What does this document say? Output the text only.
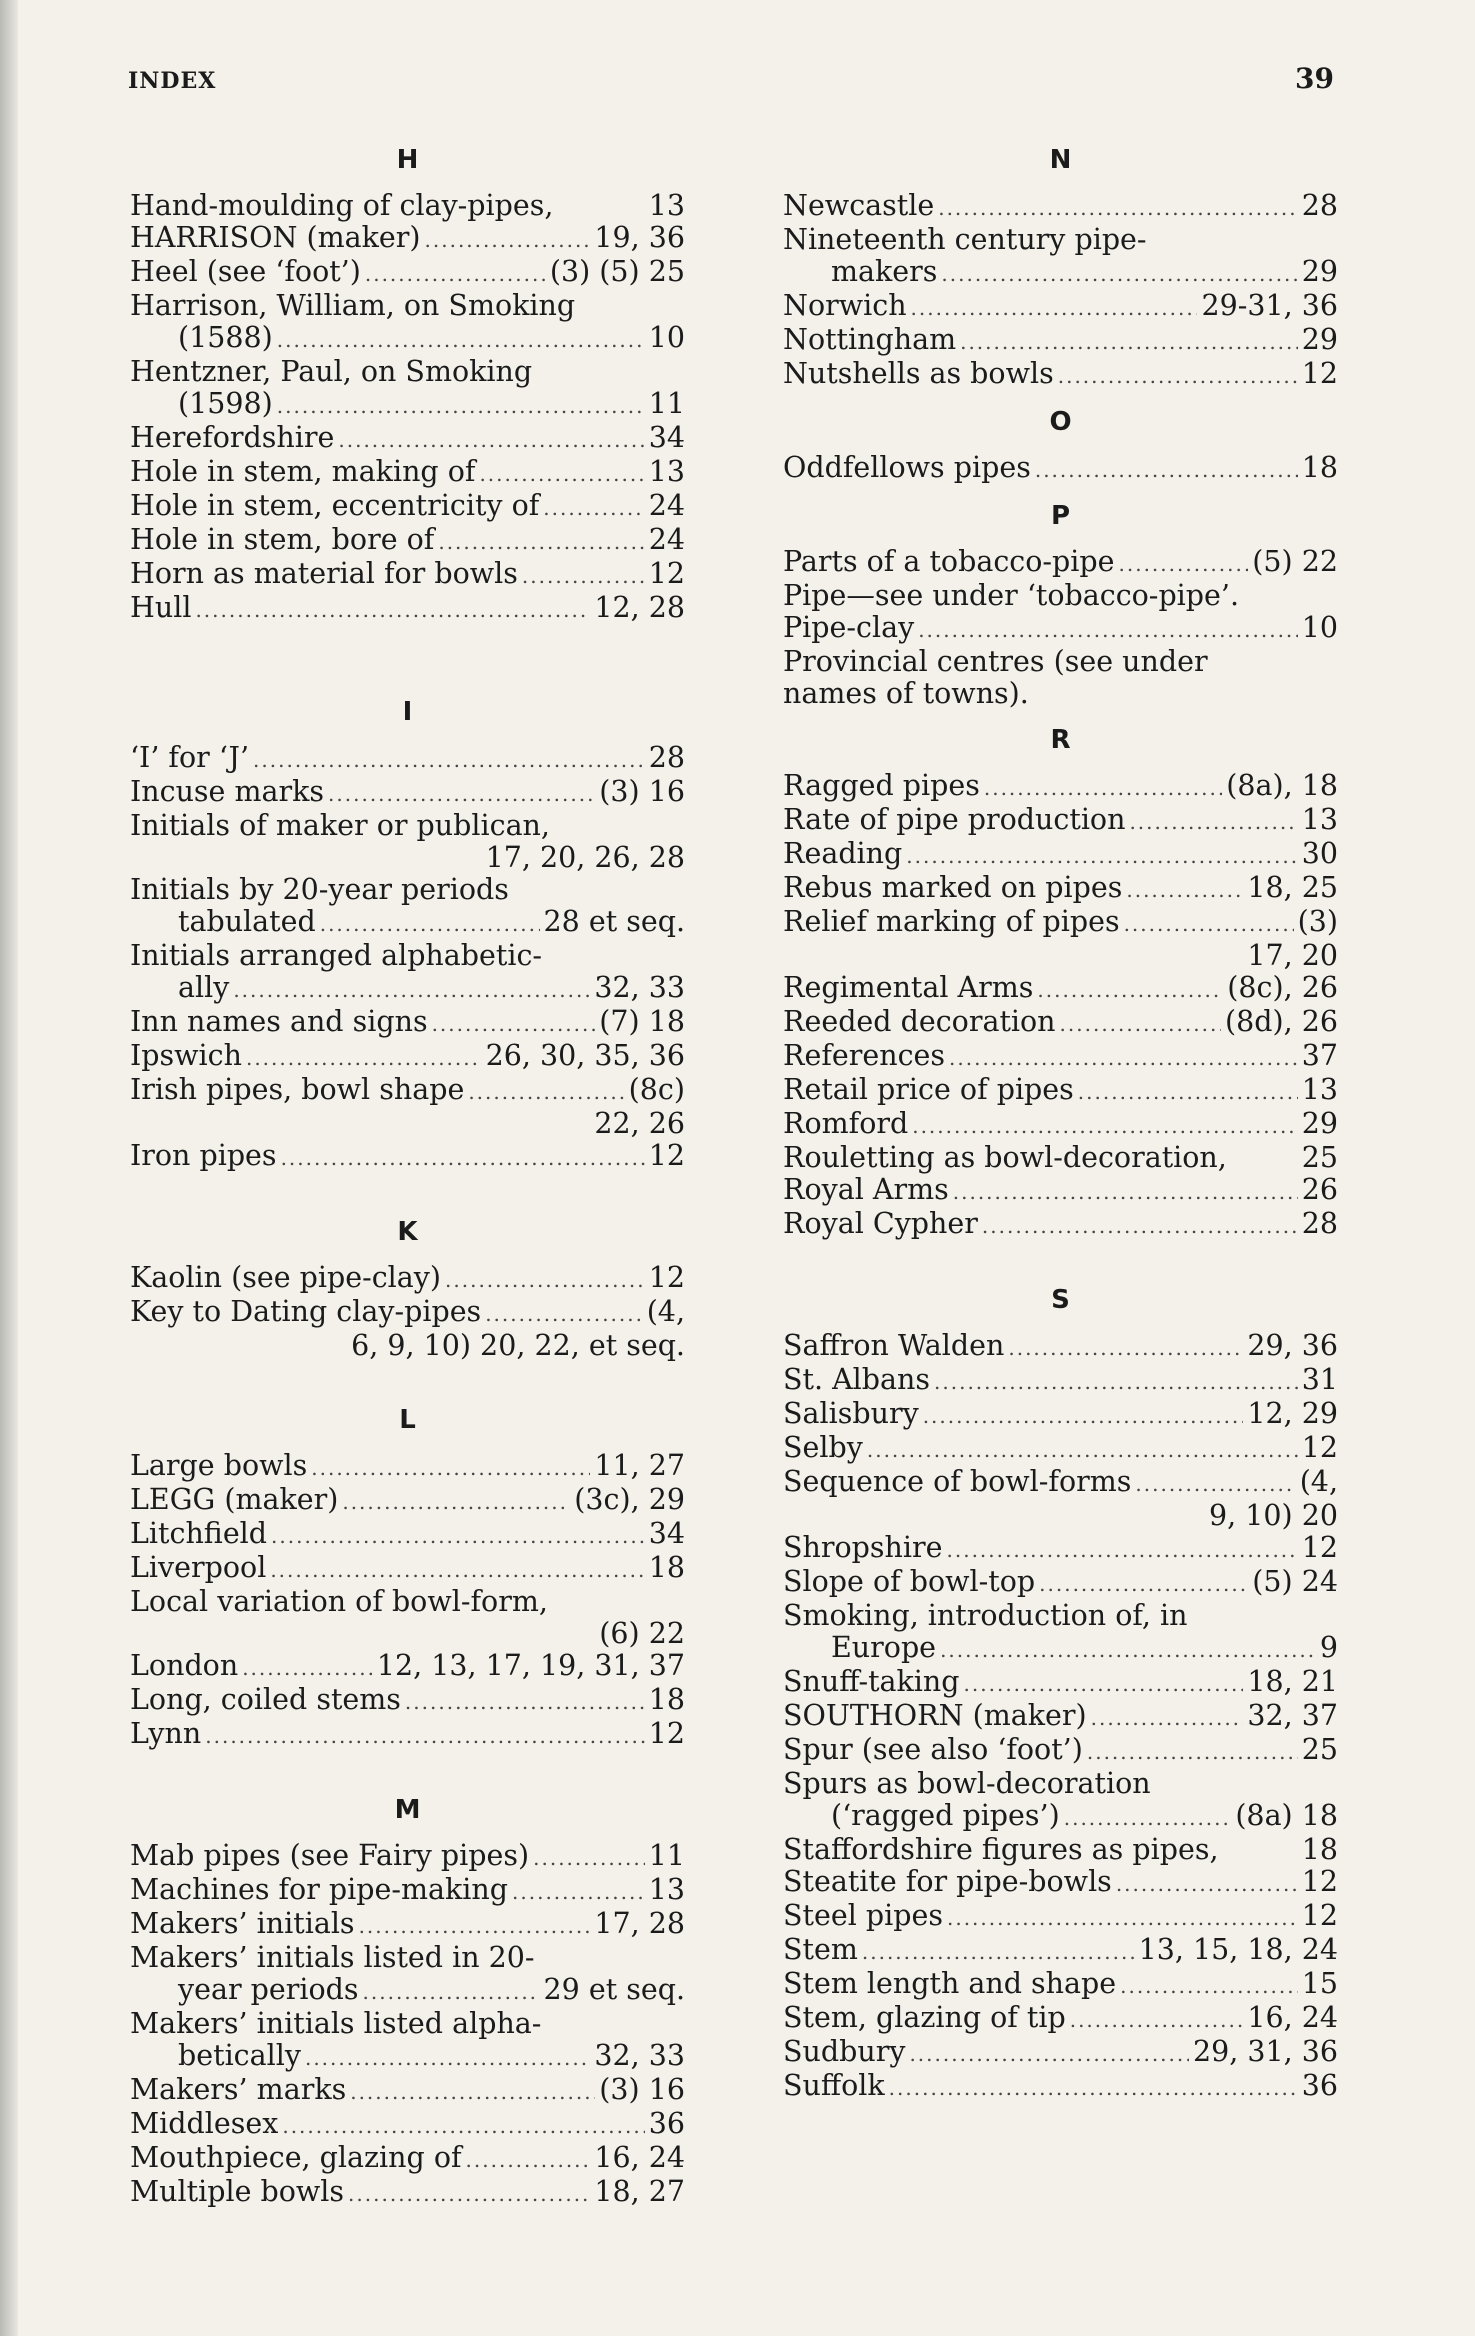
INDEX	39
H
Hand-moulding of clay-pipes,	13
HARRISON (maker) .....	19, 36
Heel (see ‘foot’) .....	(3) (5) 25
Harrison, William, on Smoking
(1588) .....	10
Hentzner, Paul, on Smoking
(1598) .....	11
Herefordshire .....	34
Hole in stem, making of .....	13
Hole in stem, eccentricity of .....	24
Hole in stem, bore of .....	24
Horn as material for bowls .....	12
Hull .....	12, 28
I
‘I’ for ‘J’ .....	28
Incuse marks .....	(3) 16
Initials of maker or publican,
17, 20, 26, 28
Initials by 20-year periods
tabulated .....	28 et seq.
Initials arranged alphabetic-
ally .....	32, 33
Inn names and signs .....	(7) 18
Ipswich .....	26, 30, 35, 36
Irish pipes, bowl shape .....	(8c)
22, 26
Iron pipes .....	12
K
Kaolin (see pipe-clay) .....	12
Key to Dating clay-pipes .....	(4,
6, 9, 10) 20, 22, et seq.
L
Large bowls .....	11, 27
LEGG (maker) .....	(3c), 29
Litchfield .....	34
Liverpool .....	18
Local variation of bowl-form,
(6) 22
London .....	12, 13, 17, 19, 31, 37
Long, coiled stems .....	18
Lynn .....	12
M
Mab pipes (see Fairy pipes) .....	11
Machines for pipe-making .....	13
Makers’ initials .....	17, 28
Makers’ initials listed in 20-
year periods .....	29 et seq.
Makers’ initials listed alpha-
betically .....	32, 33
Makers’ marks .....	(3) 16
Middlesex .....	36
Mouthpiece, glazing of .....	16, 24
Multiple bowls .....	18, 27
N
Newcastle .....	28
Nineteenth century pipe-
makers .....	29
Norwich .....	29-31, 36
Nottingham .....	29
Nutshells as bowls .....	12
O
Oddfellows pipes .....	18
P
Parts of a tobacco-pipe .....	(5) 22
Pipe—see under ‘tobacco-pipe’.
Pipe-clay .....	10
Provincial centres (see under
names of towns).
R
Ragged pipes .....	(8a), 18
Rate of pipe production .....	13
Reading .....	30
Rebus marked on pipes .....	18, 25
Relief marking of pipes .....	(3)
17, 20
Regimental Arms .....	(8c), 26
Reeded decoration .....	(8d), 26
References .....	37
Retail price of pipes .....	13
Romford .....	29
Rouletting as bowl-decoration,	25
Royal Arms .....	26
Royal Cypher .....	28
S
Saffron Walden .....	29, 36
St. Albans .....	31
Salisbury .....	12, 29
Selby .....	12
Sequence of bowl-forms .....	(4,
9, 10) 20
Shropshire .....	12
Slope of bowl-top .....	(5) 24
Smoking, introduction of, in
Europe .....	9
Snuff-taking .....	18, 21
SOUTHORN (maker) .....	32, 37
Spur (see also ‘foot’) .....	25
Spurs as bowl-decoration
(‘ragged pipes’) .....	(8a) 18
Staffordshire figures as pipes,	18
Steatite for pipe-bowls .....	12
Steel pipes .....	12
Stem .....	13, 15, 18, 24
Stem length and shape .....	15
Stem, glazing of tip .....	16, 24
Sudbury .....	29, 31, 36
Suffolk .....	36
